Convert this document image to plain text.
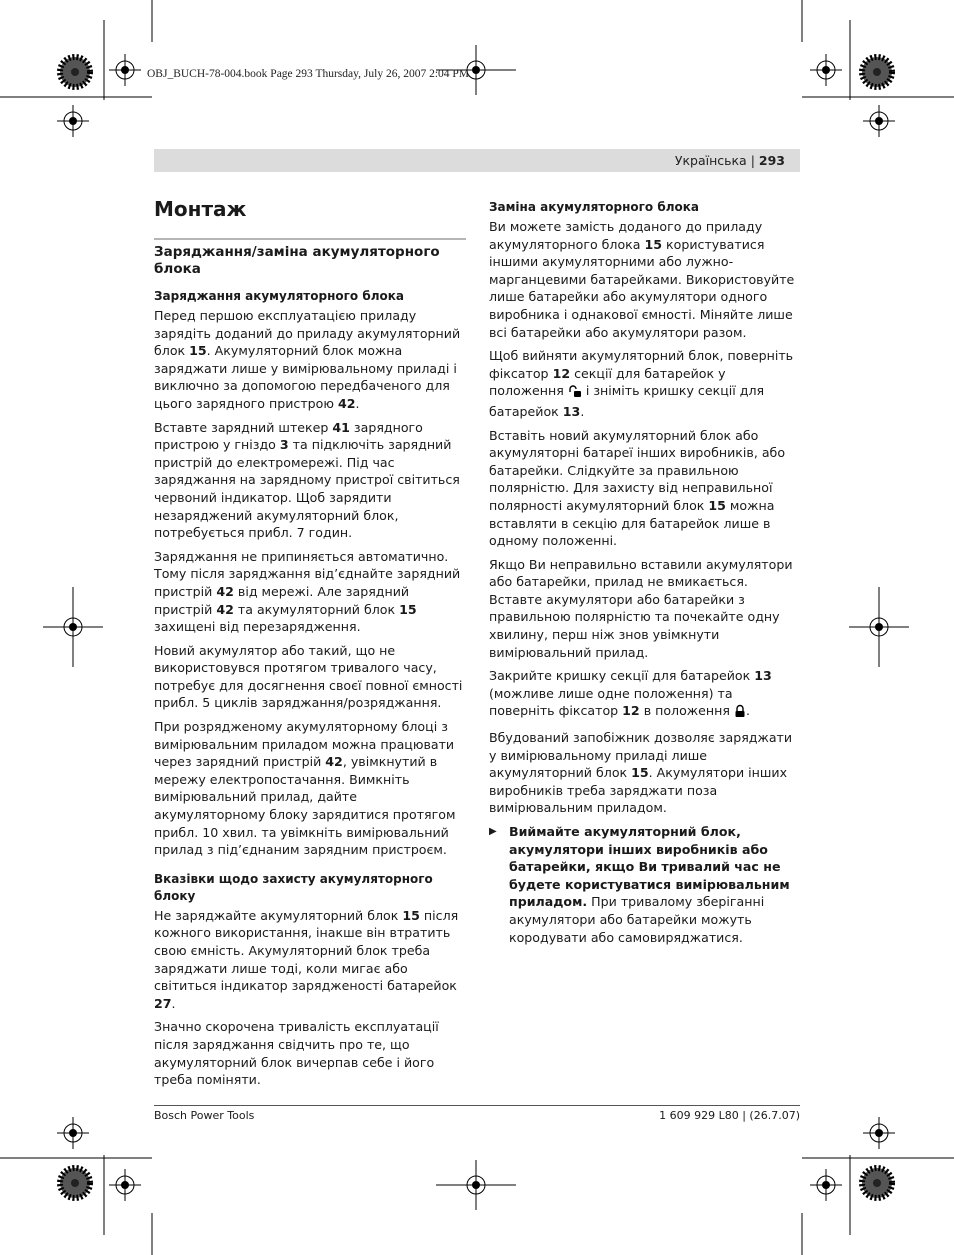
OBJ_BUCH-78-004.book Page 293 Thursday, July 26, 2007 2:04 PM
Українська | 293
Монтаж
Заряджання/заміна акумуляторного блока
Заряджання акумуляторного блока

Перед першою експлуатацією приладу зарядіть доданий до приладу акумуляторний блок 15. Акумуляторний блок можна заряджати лише у вимірювальному приладі і виключно за допомогою передбаченого для цього зарядного пристрою 42.

Вставте зарядний штекер 41 зарядного пристрою у гніздо 3 та підключіть зарядний пристрій до електромережі. Під час заряджання на зарядному пристрої світиться червоний індикатор. Щоб зарядити незаряджений акумуляторний блок, потребується прибл. 7 годин.

Заряджання не припиняється автоматично. Тому після заряджання від’єднайте зарядний пристрій 42 від мережі. Але зарядний пристрій 42 та акумуляторний блок 15 захищені від перезарядження.

Новий акумулятор або такий, що не використовувся протягом тривалого часу, потребує для досягнення своєї повної ємності прибл. 5 циклів заряджання/розряджання.

При розрядженому акумуляторному блоці з вимірювальним приладом можна працювати через зарядний пристрій 42, увімкнутий в мережу електропостачання. Вимкніть вимірювальний прилад, дайте акумуляторному блоку зарядитися протягом прибл. 10 хвил. та увімкніть вимірювальний прилад з під’єднаним зарядним пристроєм.

Вказівки щодо захисту акумуляторного блоку

Не заряджайте акумуляторний блок 15 після кожного використання, інакше він втратить свою ємність. Акумуляторний блок треба заряджати лише тоді, коли мигає або світиться індикатор зарядженості батарейок 27.

Значно скорочена тривалість експлуатації після заряджання свідчить про те, що акумуляторний блок вичерпав себе і його треба поміняти.

Заміна акумуляторного блока

Ви можете замість доданого до приладу акумуляторного блока 15 користуватися іншими акумуляторними або лужно-марганцевими батарейками. Використовуйте лише батарейки або акумулятори одного виробника і однакової ємності. Міняйте лише всі батарейки або акумулятори разом.

Щоб вийняти акумуляторний блок, поверніть фіксатор 12 секції для батарейок у положення  і зніміть кришку секції для батарейок 13.

Вставіть новий акумуляторний блок або акумуляторні батареї інших виробників, або батарейки. Слідкуйте за правильною полярністю. Для захисту від неправильної полярності акумуляторний блок 15 можна вставляти в секцію для батарейок лише в одному положенні.

Якщо Ви неправильно вставили акумулятори або батарейки, прилад не вмикається. Вставте акумулятори або батарейки з правильною полярністю та почекайте одну хвилину, перш ніж знов увімкнути вимірювальний прилад.

Закрийте кришку секції для батарейок 13 (можливе лише одне положення) та поверніть фіксатор 12 в положення .

Вбудований запобіжник дозволяє заряджати у вимірювальному приладі лише акумуляторний блок 15. Акумулятори інших виробників треба заряджати поза вимірювальним приладом.

▶ Виймайте акумуляторний блок, акумулятори інших виробників або батарейки, якщо Ви тривалий час не будете користуватися вимірювальним приладом. При тривалому зберіганні акумулятори або батарейки можуть кородувати або самовиряджатися.
Bosch Power Tools	1 609 929 L80 | (26.7.07)
